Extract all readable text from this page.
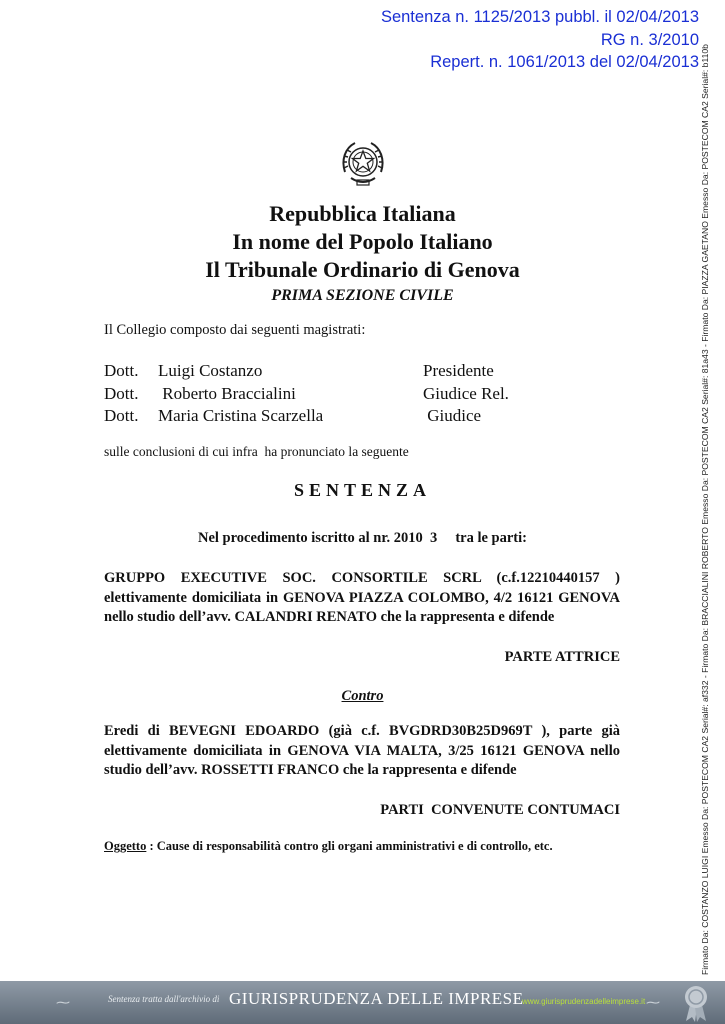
Sentenza n. 1125/2013 pubbl. il 02/04/2013
RG n. 3/2010
Repert. n. 1061/2013 del 02/04/2013 Firmato Da: COSTANZO LUIGI Emesso Da: POSTECOM CA2 Serial#: af332 - Firmato Da: BRACCIALINI ROBERTO Emesso Da: POSTECOM CA2 Serial#: 81a43 - Firmato Da: PIAZZA GAETANO Emesso Da: POSTECOM CA2 Serial#: b110b
Repubblica Italiana
In nome del Popolo Italiano
Il Tribunale Ordinario di Genova
PRIMA SEZIONE CIVILE
Il Collegio composto dai seguenti magistrati:
Dott.	Luigi Costanzo	Presidente
Dott.	Roberto Braccialini	Giudice Rel.
Dott.	Maria Cristina Scarzella	Giudice
sulle conclusioni di cui infra  ha pronunciato la seguente
SENTENZA
Nel procedimento iscritto al nr. 2010  3     tra le parti:
GRUPPO EXECUTIVE SOC. CONSORTILE SCRL (c.f.12210440157 ) elettivamente domiciliata in GENOVA PIAZZA COLOMBO, 4/2 16121 GENOVA nello studio dell’avv. CALANDRI RENATO che la rappresenta e difende
PARTE ATTRICE
Contro
Eredi di BEVEGNI EDOARDO (già c.f. BVGDRD30B25D969T ), parte già elettivamente domiciliata in GENOVA VIA MALTA, 3/25 16121 GENOVA nello studio dell’avv. ROSSETTI FRANCO che la rappresenta e difende
PARTI  CONVENUTE CONTUMACI
Oggetto : Cause di responsabilità contro gli organi amministrativi e di controllo, etc.
⁓	Sentenza tratta dall'archivio di GIURISPRUDENZA DELLE IMPRESE
www.giurisprudenzadelleimprese.it ⁓
